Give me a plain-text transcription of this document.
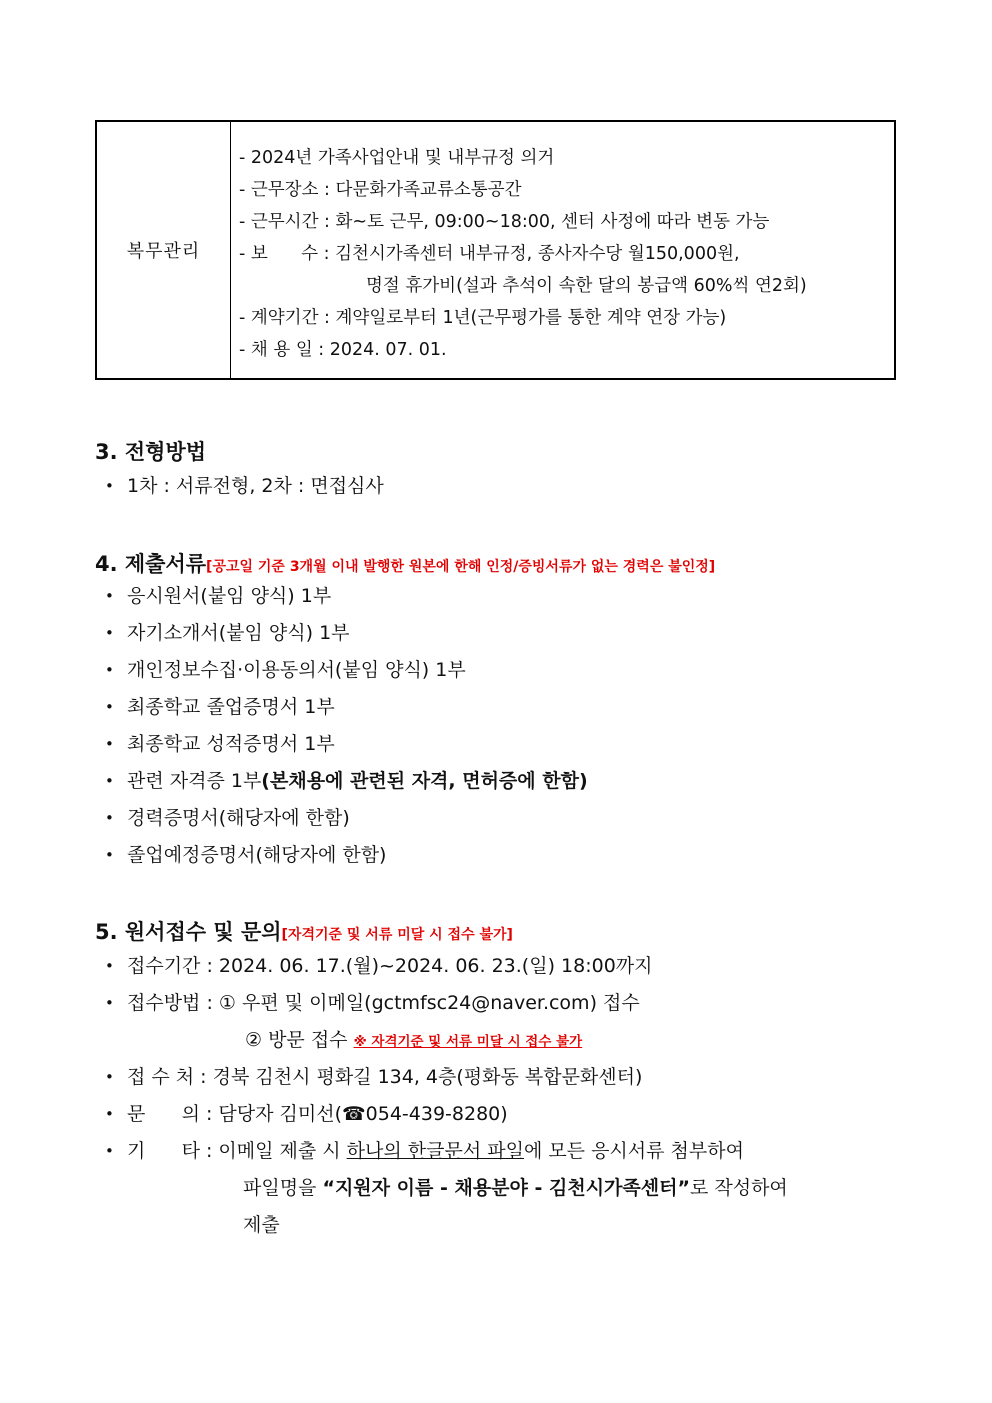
복무관리
- 2024년 가족사업안내 및 내부규정 의거
- 근무장소 : 다문화가족교류소통공간
- 근무시간 : 화~토 근무, 09:00~18:00, 센터 사정에 따라 변동 가능
- 보      수 : 김천시가족센터 내부규정, 종사자수당 월150,000원,
명절 휴가비(설과 추석이 속한 달의 봉급액 60%씩 연2회)
- 계약기간 : 계약일로부터 1년(근무평가를 통한 계약 연장 가능)
- 채 용 일 : 2024. 07. 01.
3. 전형방법
• 1차 : 서류전형, 2차 : 면접심사
4. 제출서류[공고일 기준 3개월 이내 발행한 원본에 한해 인정/증빙서류가 없는 경력은 불인정]
• 응시원서(붙임 양식) 1부
• 자기소개서(붙임 양식) 1부
• 개인정보수집·이용동의서(붙임 양식) 1부
• 최종학교 졸업증명서 1부
• 최종학교 성적증명서 1부
• 관련 자격증 1부(본채용에 관련된 자격, 면허증에 한함)
• 경력증명서(해당자에 한함)
• 졸업예정증명서(해당자에 한함)
5. 원서접수 및 문의[자격기준 및 서류 미달 시 접수 불가]
• 접수기간 : 2024. 06. 17.(월)~2024. 06. 23.(일) 18:00까지
• 접수방법 : ① 우편 및 이메일(gctmfsc24@naver.com) 접수
② 방문 접수 ※ 자격기준 및 서류 미달 시 접수 불가
• 접 수 처 : 경북 김천시 평화길 134, 4층(평화동 복합문화센터)
• 문      의 : 담당자 김미선(☎054-439-8280)
• 기      타 : 이메일 제출 시 하나의 한글문서 파일에 모든 응시서류 첨부하여
파일명을 “지원자 이름 - 채용분야 - 김천시가족센터”로 작성하여
제출
